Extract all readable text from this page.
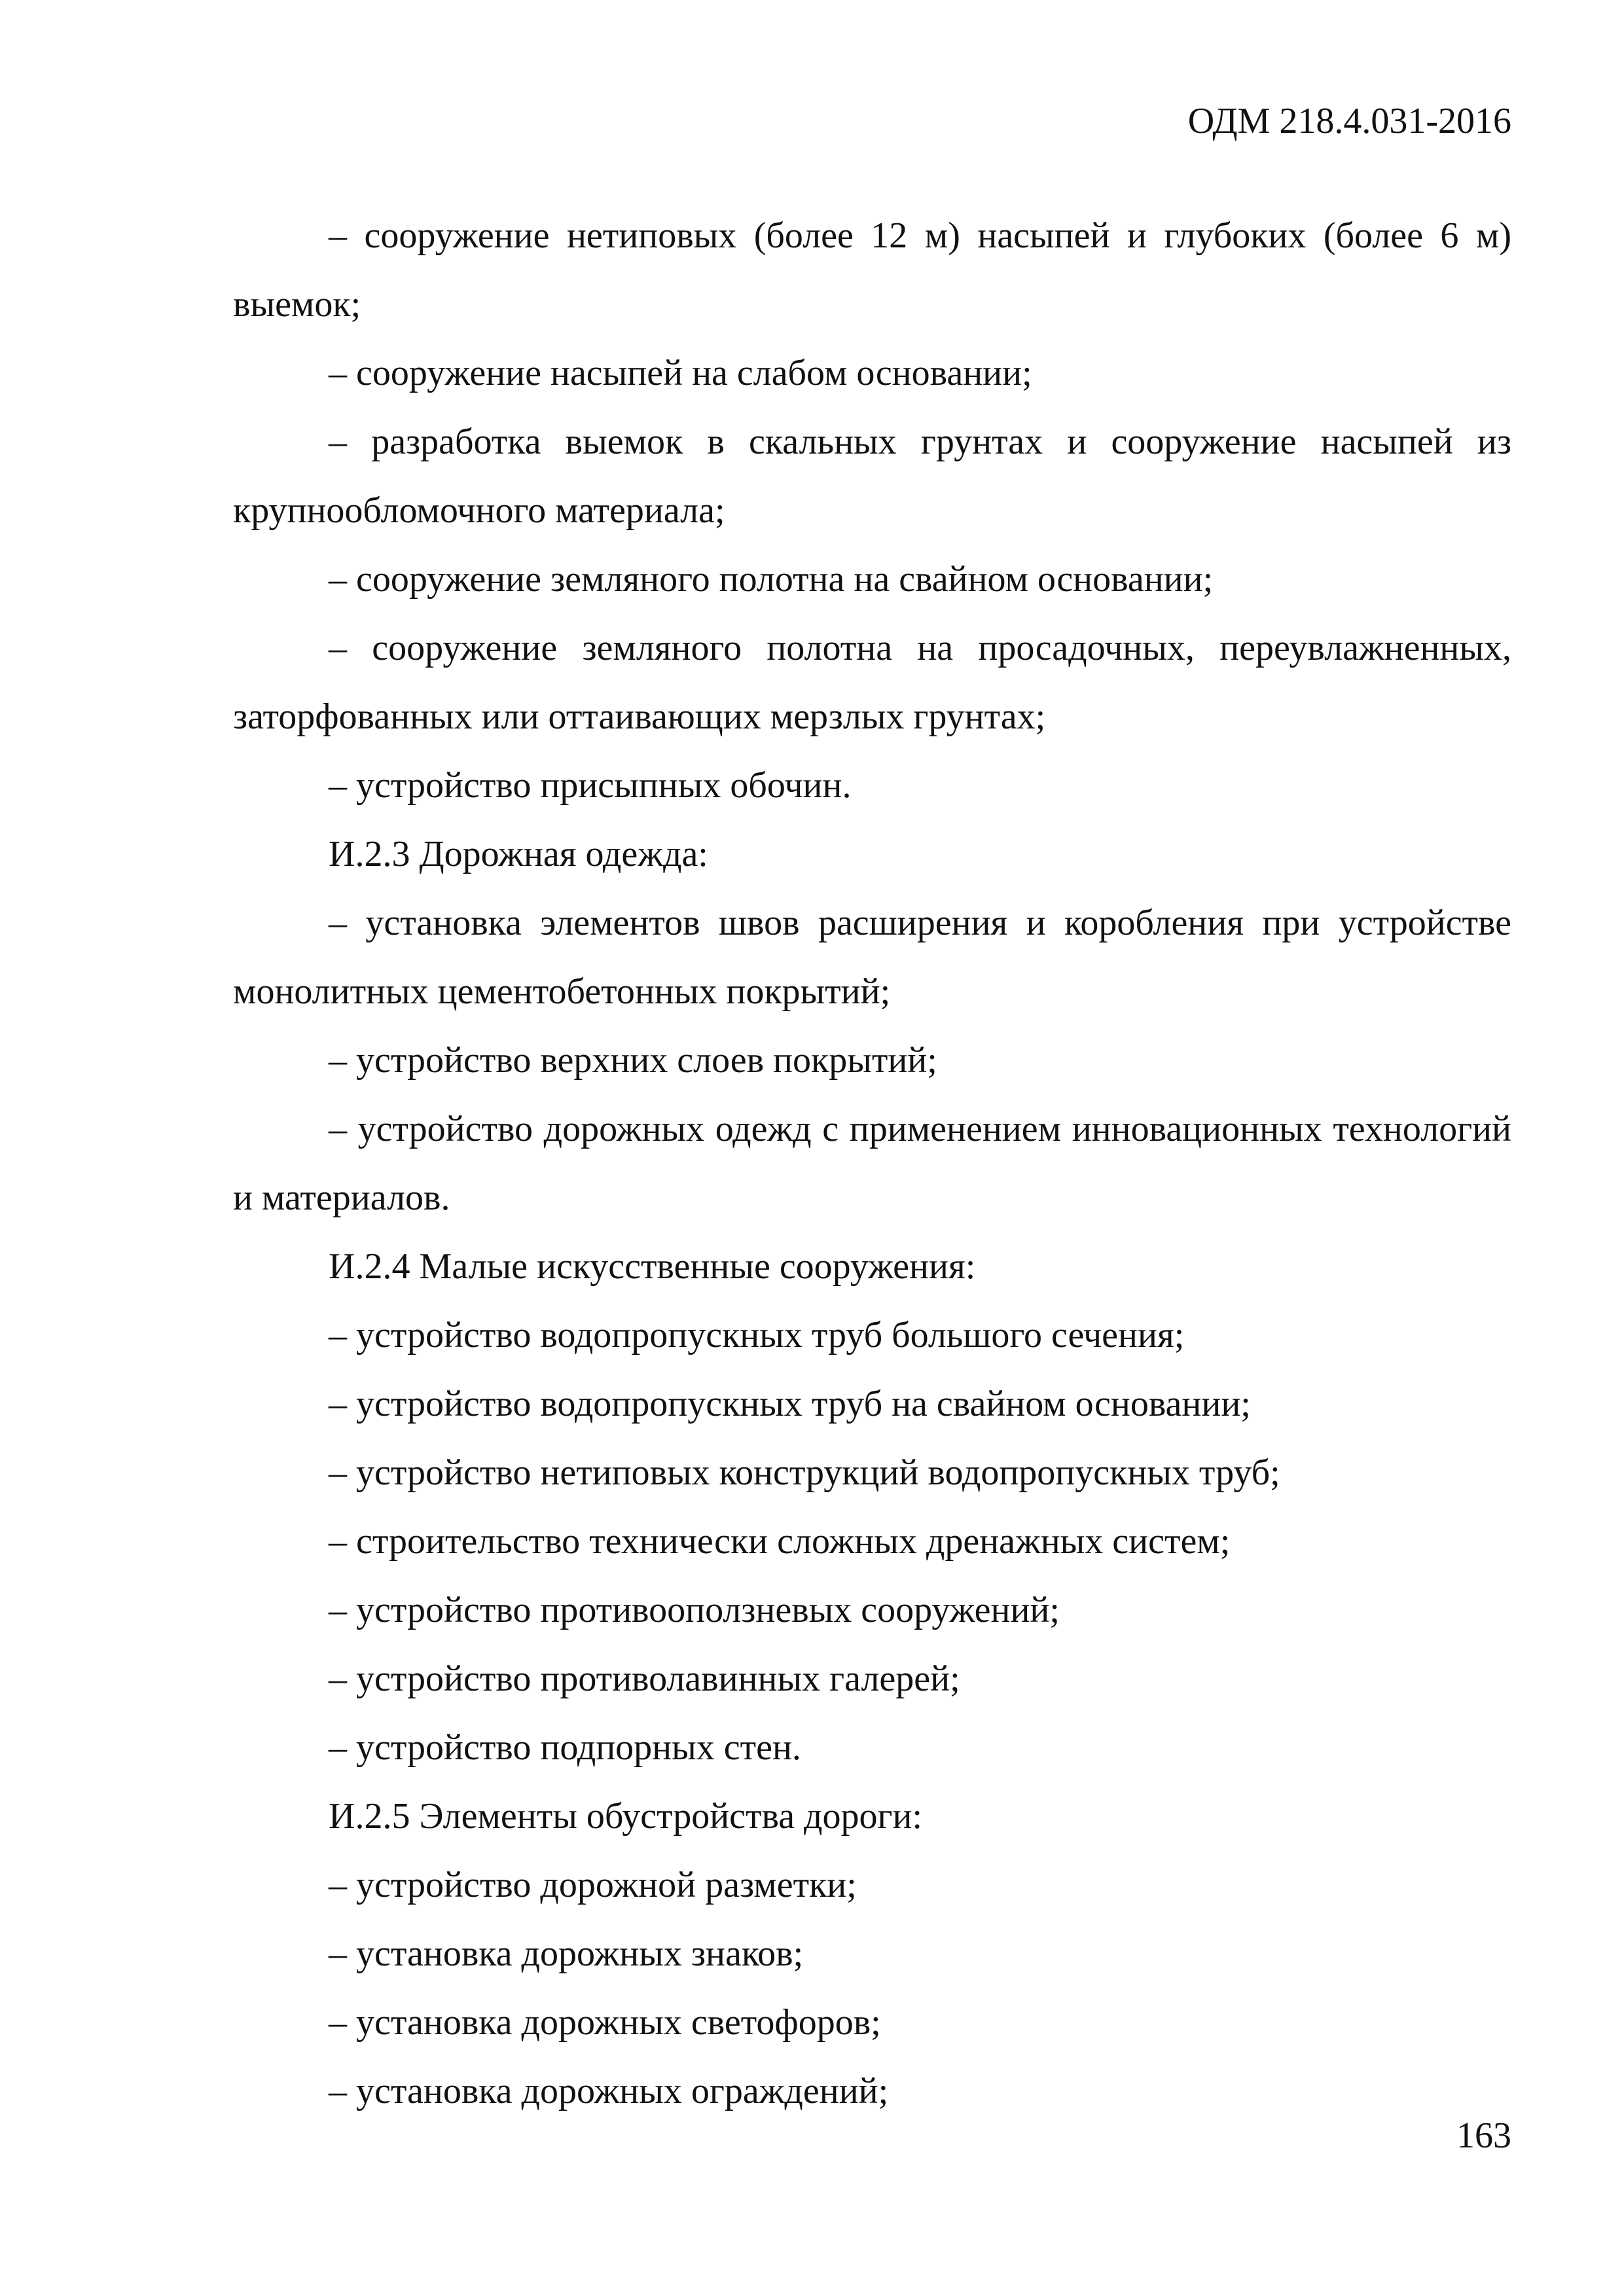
ОДМ 218.4.031-2016

– сооружение нетиповых (более 12 м) насыпей и глубоких (более 6 м) выемок;

– сооружение насыпей на слабом основании;

– разработка выемок в скальных грунтах и сооружение насыпей из крупнообломочного материала;

– сооружение земляного полотна на свайном основании;

– сооружение земляного полотна на просадочных, переувлажненных, заторфованных или оттаивающих мерзлых грунтах;

– устройство присыпных обочин.

И.2.3 Дорожная одежда:

– установка элементов швов расширения и коробления при устройстве монолитных цементобетонных покрытий;

– устройство верхних слоев покрытий;

– устройство дорожных одежд с применением инновационных технологий и материалов.

И.2.4 Малые искусственные сооружения:

– устройство водопропускных труб большого сечения;

– устройство водопропускных труб на свайном основании;

– устройство нетиповых конструкций водопропускных труб;

– строительство технически сложных дренажных систем;

– устройство противооползневых сооружений;

– устройство противолавинных галерей;

– устройство подпорных стен.

И.2.5 Элементы обустройства дороги:

– устройство дорожной разметки;

– установка дорожных знаков;

– установка дорожных светофоров;

– установка дорожных ограждений;

163
